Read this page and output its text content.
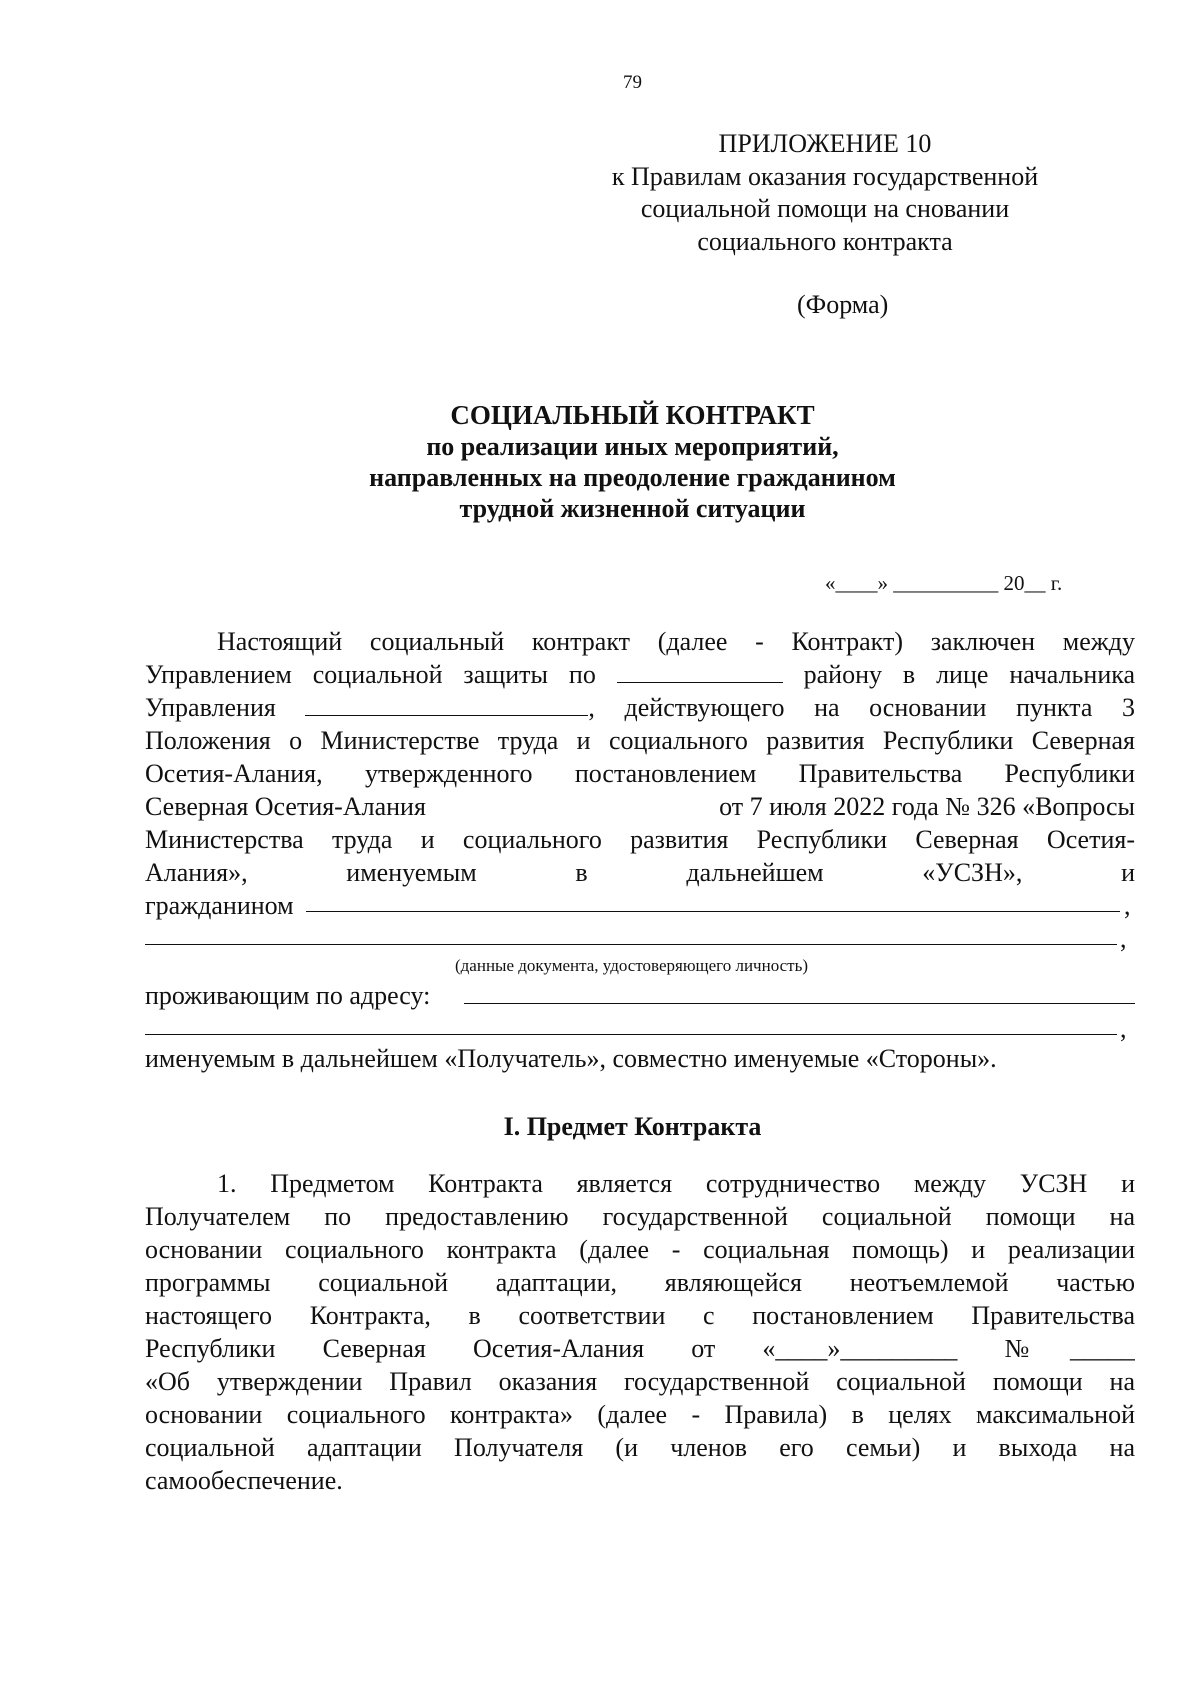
79
ПРИЛОЖЕНИЕ 10
к Правилам оказания государственной
социальной помощи на сновании
социального контракта
(Форма)
СОЦИАЛЬНЫЙ КОНТРАКТ
по реализации иных мероприятий,
направленных на преодоление гражданином
трудной жизненной ситуации
«____» __________ 20__ г.
Настоящий социальный контракт (далее - Контракт) заключен между
Управлением социальной защиты по	району в лице начальника
Управления	, действующего на основании пункта 3
Положения о Министерстве труда и социального развития Республики Северная
Осетия-Алания, утвержденного постановлением Правительства Республики
Северная Осетия-Алания	от 7 июля 2022 года № 326 «Вопросы
Министерства труда и социального развития Республики Северная Осетия-
Алания», именуемым в дальнейшем «УСЗН», и
гражданином	,
,
(данные документа, удостоверяющего личность)
проживающим по адресу:
,
именуемым в дальнейшем «Получатель», совместно именуемые «Стороны».
I. Предмет Контракта
1. Предметом Контракта является сотрудничество между УСЗН и
Получателем по предоставлению государственной социальной помощи на
основании социального контракта (далее - социальная помощь) и реализации
программы социальной адаптации, являющейся неотъемлемой частью
настоящего Контракта, в соответствии с постановлением Правительства
Республики Северная Осетия-Алания от «____»_________ №_____
«Об утверждении Правил оказания государственной социальной помощи на
основании социального контракта» (далее - Правила) в целях максимальной
социальной адаптации Получателя (и членов его семьи) и выхода на
самообеспечение.
